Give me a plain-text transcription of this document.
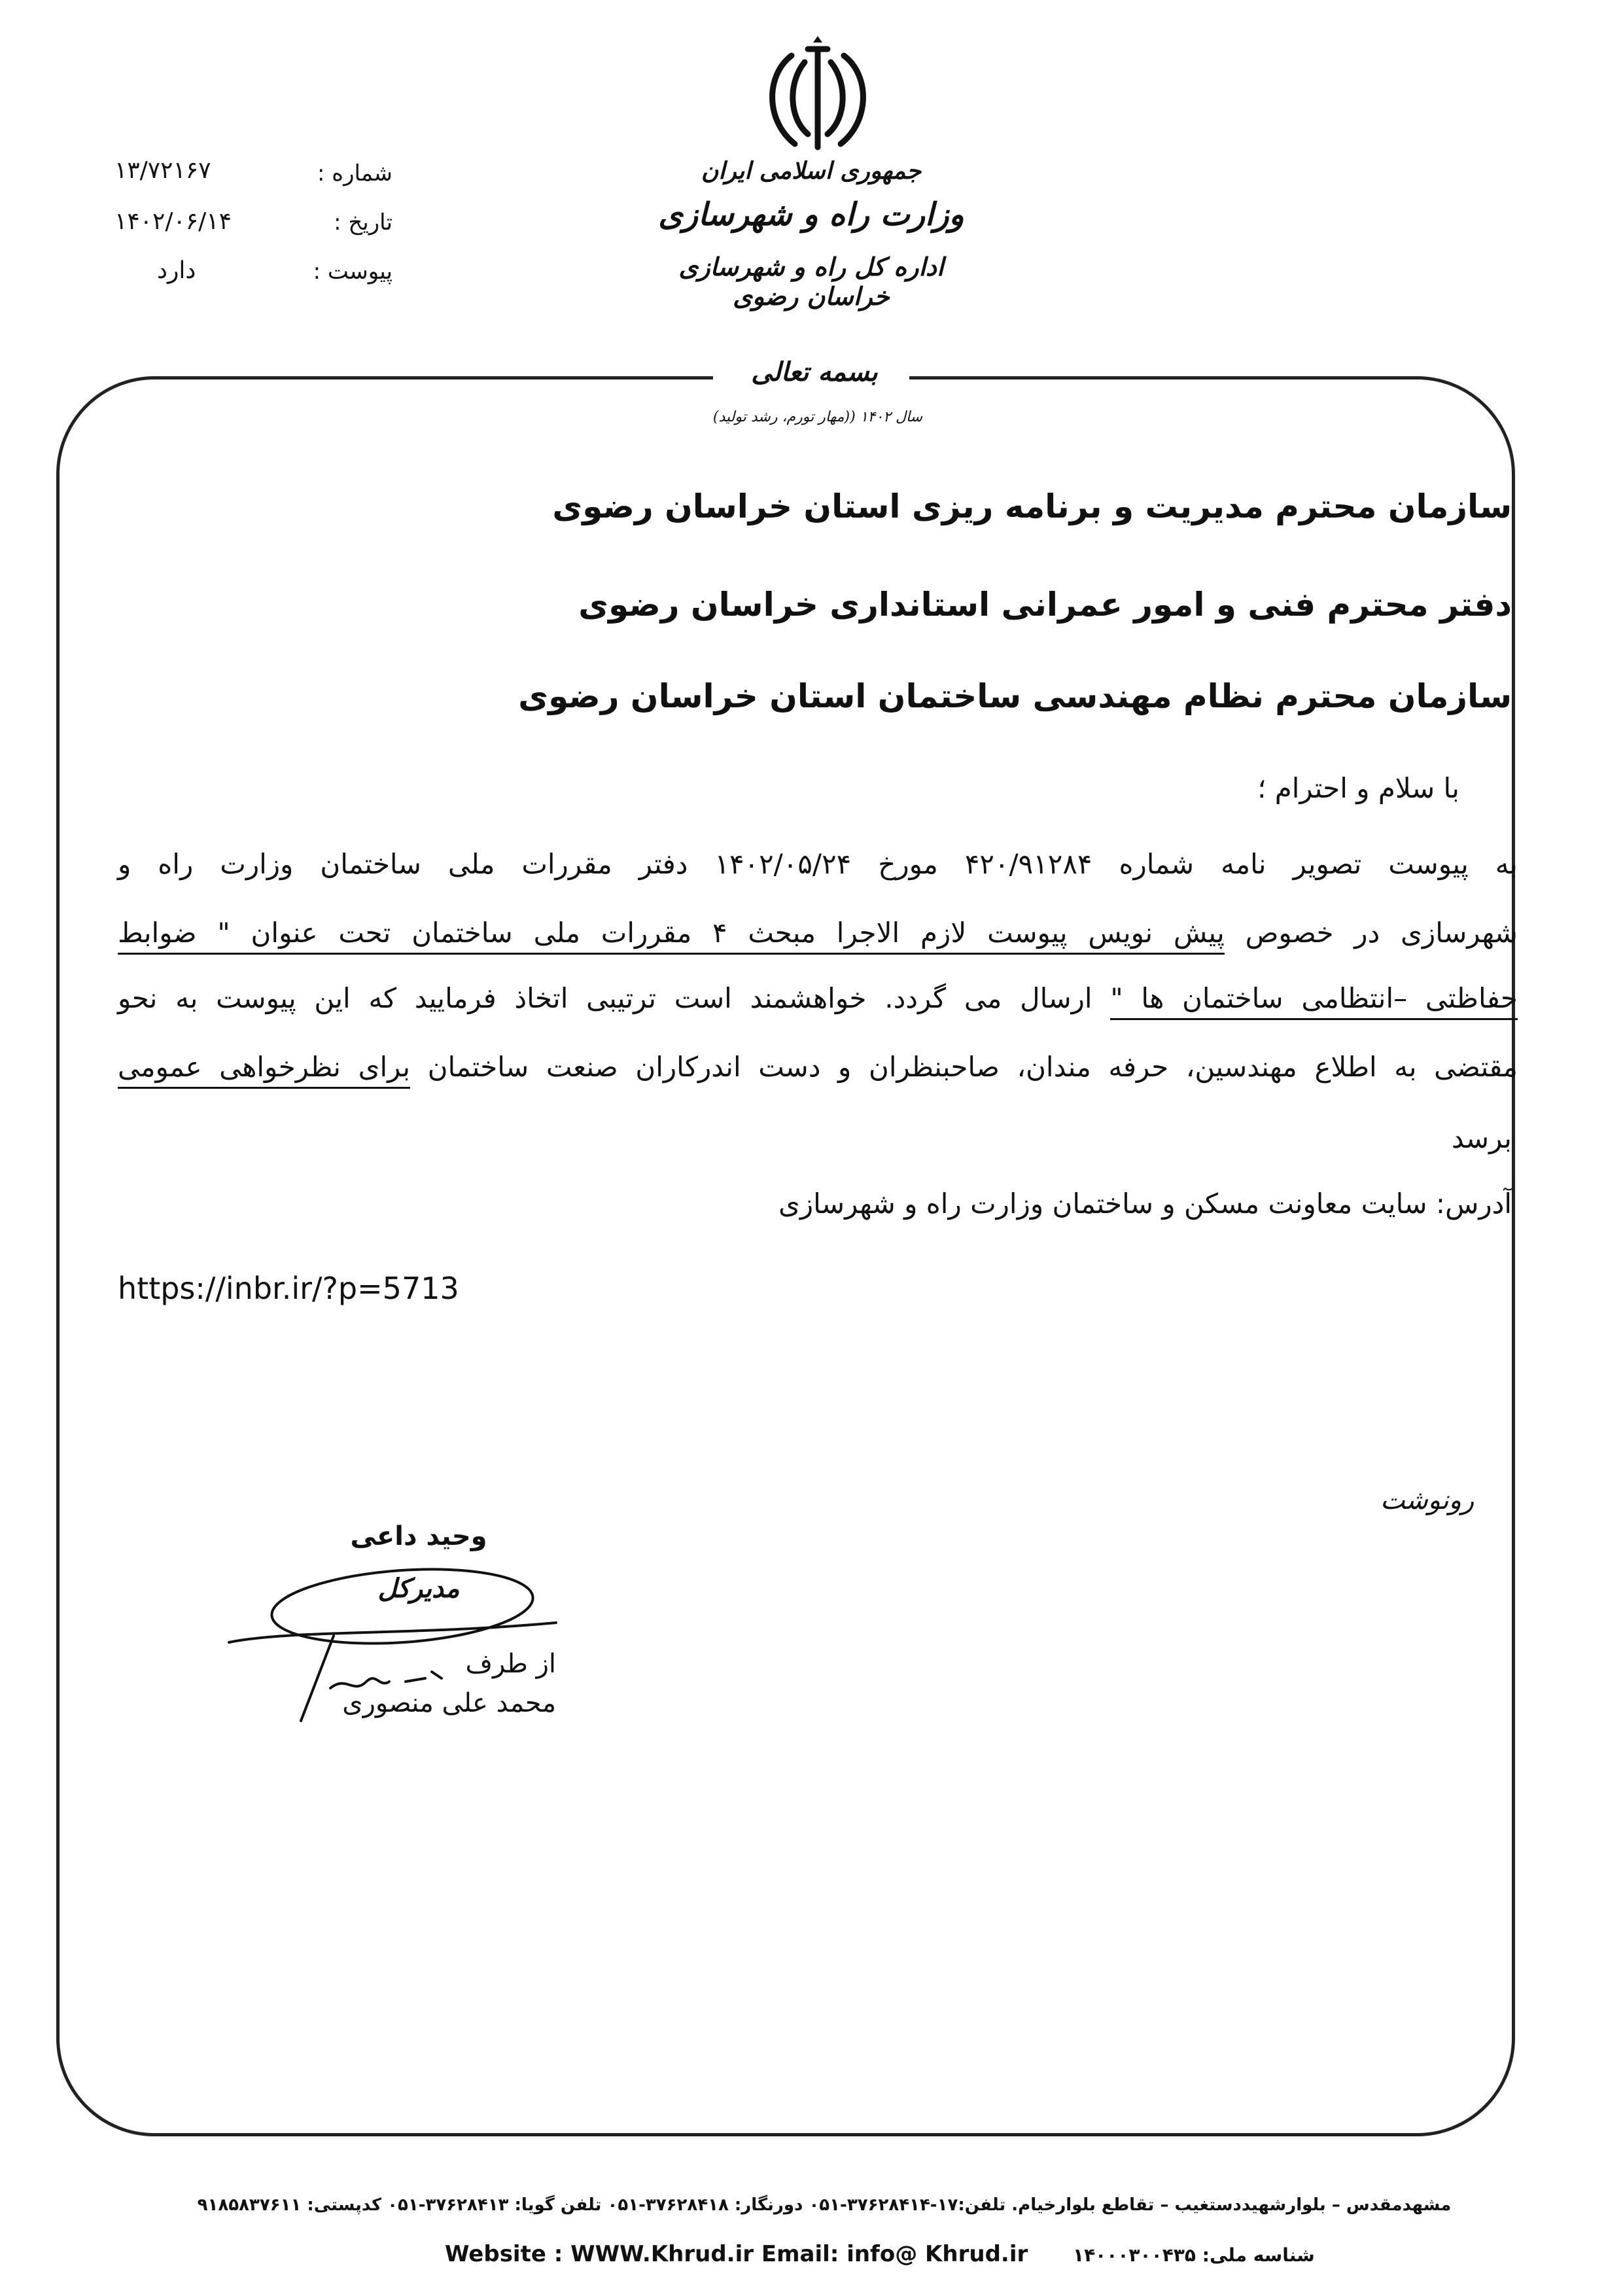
جمهوری اسلامی ایران
وزارت راه و شهرسازی
اداره کل راه و شهرسازی خراسان رضوی
شماره :
۱۳/۷۲۱۶۷
تاریخ :
۱۴۰۲/۰۶/۱۴
پیوست :
دارد
بسمه تعالی
سال ۱۴۰۲ ((مهار تورم، رشد تولید)
سازمان محترم مدیریت و برنامه ریزی استان خراسان رضوی
دفتر محترم فنی و امور عمرانی استانداری خراسان رضوی
سازمان محترم نظام مهندسی ساختمان استان خراسان رضوی
با سلام و احترام ؛
به پیوست تصویر نامه شماره ۴۲۰/۹۱۲۸۴ مورخ ۱۴۰۲/۰۵/۲۴ دفتر مقررات ملی ساختمان وزارت راه و
شهرسازی در خصوص پیش نویس پیوست لازم الاجرا مبحث ۴ مقررات ملی ساختمان تحت عنوان " ضوابط
حفاظتی –انتظامی ساختمان ها " ارسال می گردد. خواهشمند است ترتیبی اتخاذ فرمایید که این پیوست به نحو
مقتضی به اطلاع مهندسین، حرفه مندان، صاحبنظران و دست اندرکاران صنعت ساختمان برای نظرخواهی عمومی
برسد
آدرس: سایت معاونت مسکن و ساختمان وزارت راه و شهرسازی
https://inbr.ir/?p=5713
رونوشت
وحید داعی
مدیرکل
از طرف
محمد علی منصوری
مشهدمقدس – بلوارشهیددستغیب – تقاطع بلوارخیام. تلفن:۱۷-۳۷۶۲۸۴۱۴-۰۵۱ دورنگار: ۳۷۶۲۸۴۱۸-۰۵۱ تلفن گویا: ۳۷۶۲۸۴۱۳-۰۵۱ کدپستی: ۹۱۸۵۸۳۷۶۱۱
Website : WWW.Khrud.ir Email: info@ Khrud.ir شناسه ملی: ۱۴۰۰۰۳۰۰۴۳۵
